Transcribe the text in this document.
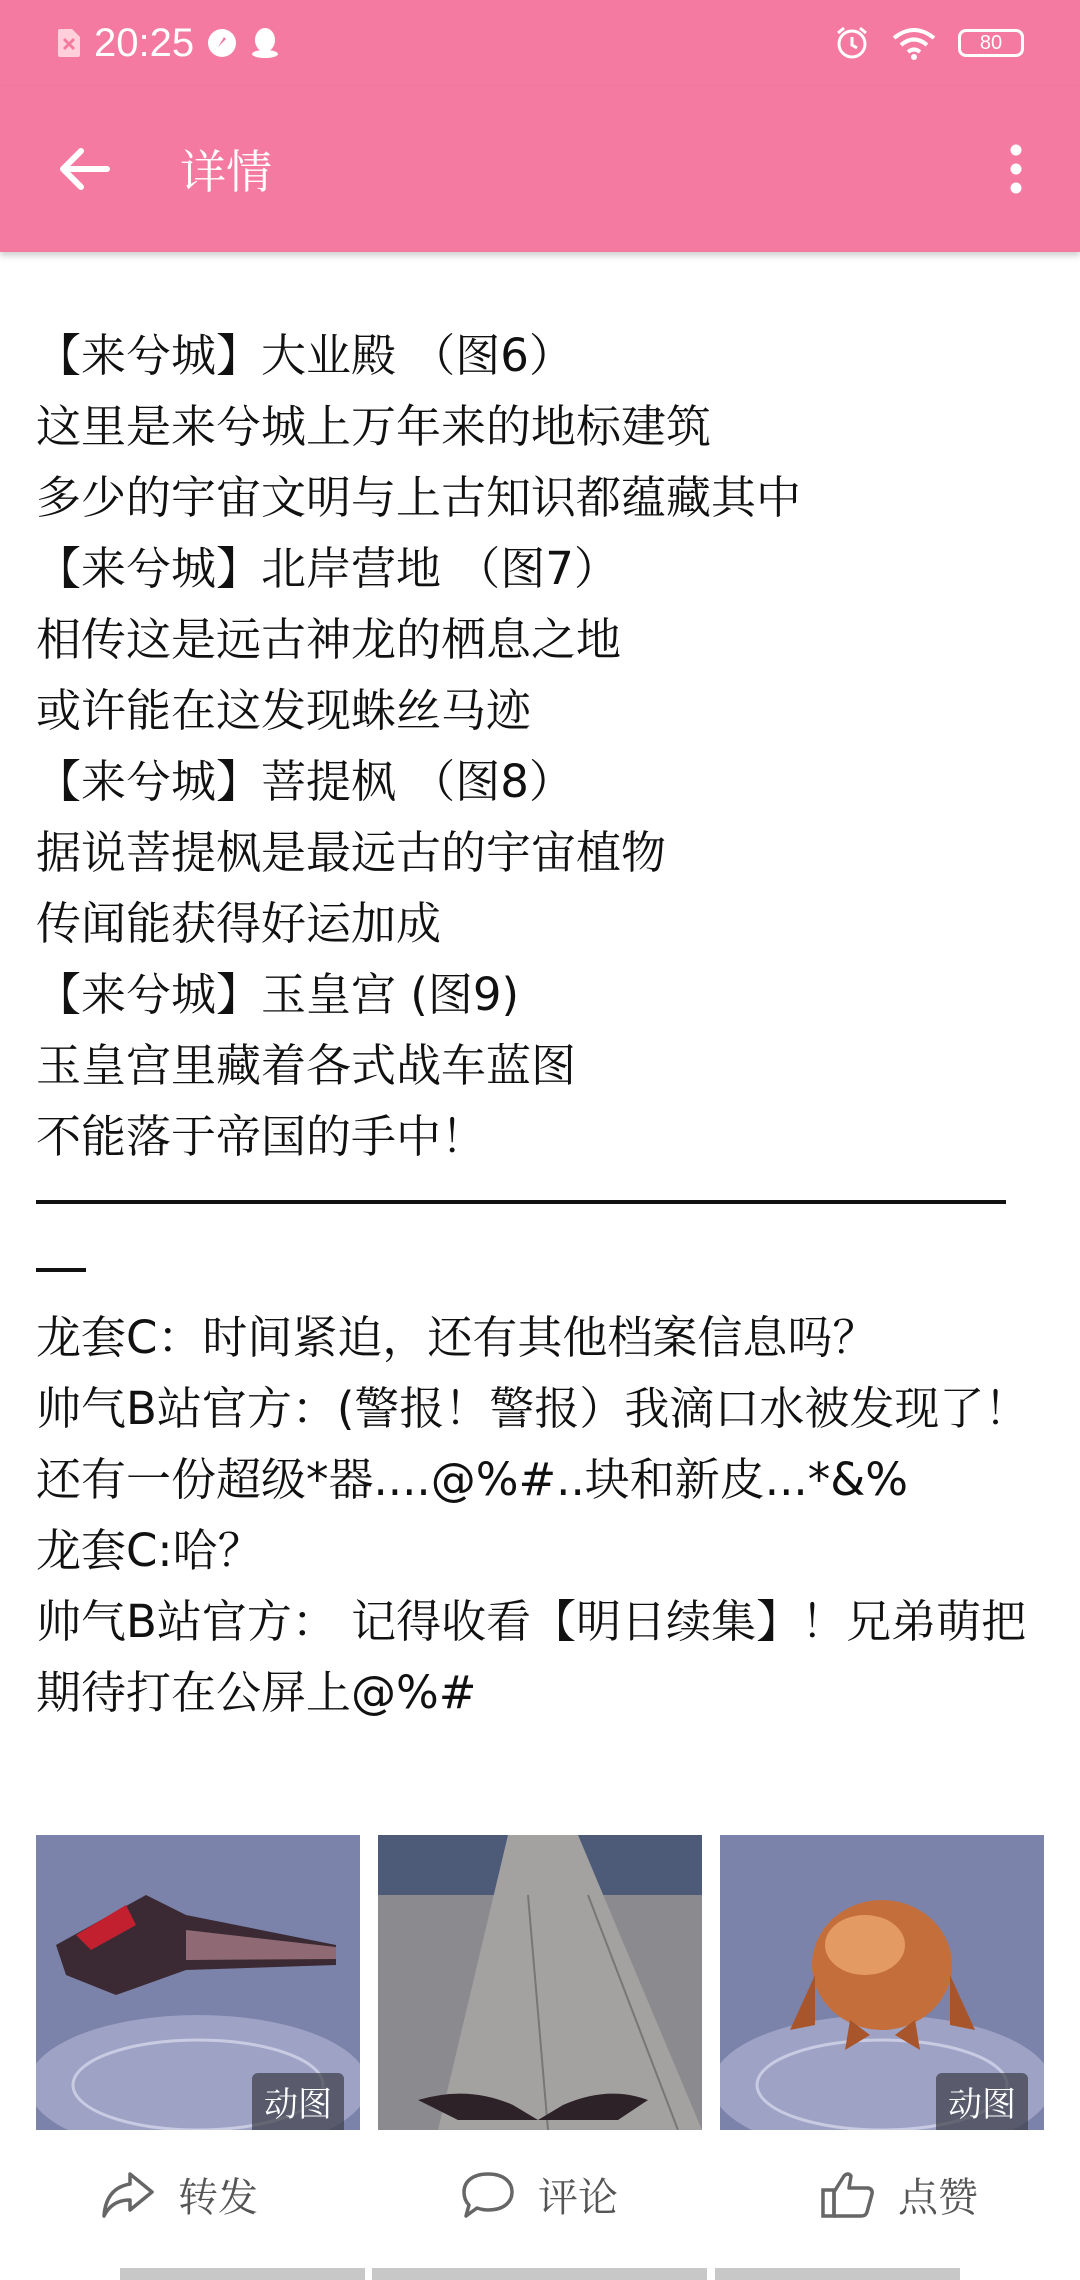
20:25	80
详情
【来兮城】大业殿 （图6）
这里是来兮城上万年来的地标建筑
多少的宇宙文明与上古知识都蕴藏其中
【来兮城】北岸营地 （图7）
相传这是远古神龙的栖息之地
或许能在这发现蛛丝马迹
【来兮城】菩提枫 （图8）
据说菩提枫是最远古的宇宙植物
传闻能获得好运加成
【来兮城】玉皇宫 (图9)
玉皇宫里藏着各式战车蓝图
不能落于帝国的手中！
龙套C：时间紧迫，还有其他档案信息吗？
帅气B站官方：(警报！警报）我滴口水被发现了！还有一份超级*器....@%#..块和新皮...*&%
龙套C:哈？
帅气B站官方： 记得收看【明日续集】！兄弟萌把期待打在公屏上@%#
动图	动图
转发	评论	点赞
